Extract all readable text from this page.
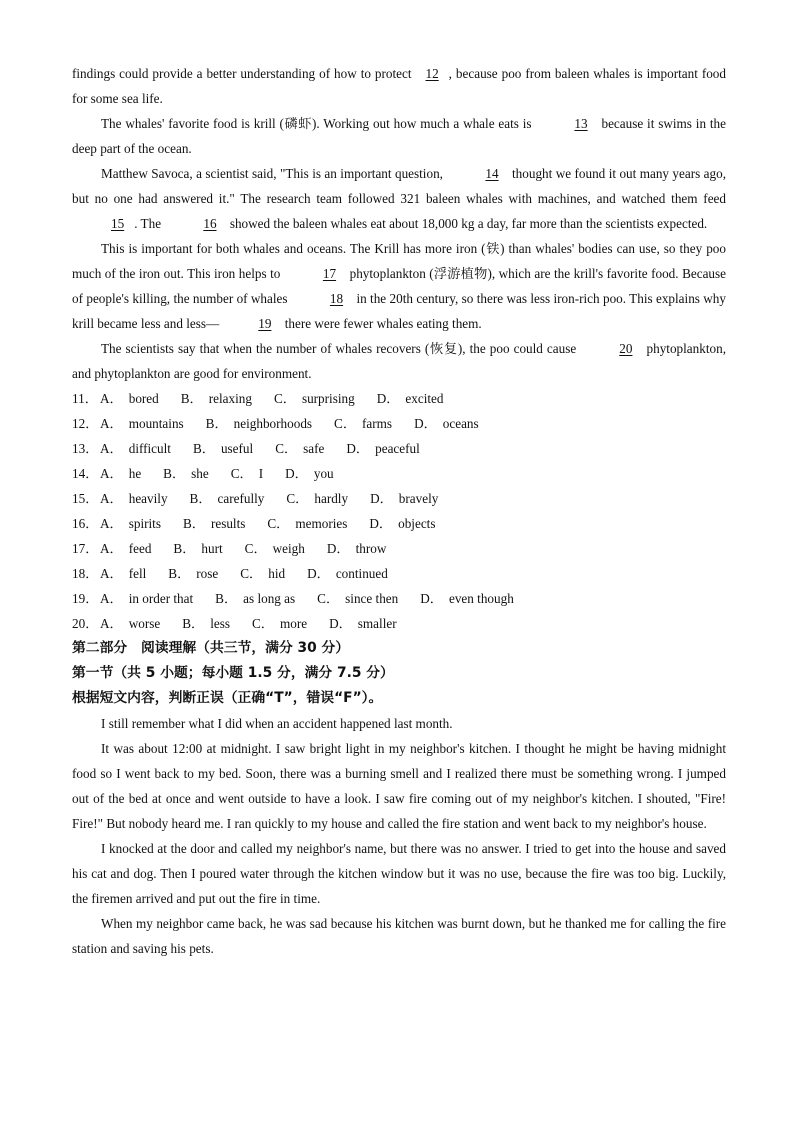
findings could provide a better understanding of how to protect 12 , because poo from baleen whales is important food for some sea life.

The whales' favorite food is krill (磷虾). Working out how much a whale eats is	13 because it swims in the deep part of the ocean.

Matthew Savoca, a scientist said, "This is an important question,	14 thought we found it out many years ago, but no one had answered it." The research team followed 321 baleen whales with machines, and watched them feed 15 . The	16 showed the baleen whales eat about 18,000 kg a day, far more than the scientists expected.

This is important for both whales and oceans. The Krill has more iron (铁) than whales' bodies can use, so they poo much of the iron out. This iron helps to	17 phytoplankton (浮游植物), which are the krill's favorite food. Because of people's killing, the number of whales	18 in the 20th century, so there was less iron-rich poo. This explains why krill became less and less—	19 there were fewer whales eating them.

The scientists say that when the number of whales recovers (恢复), the poo could cause	20 phytoplankton, and phytoplankton are good for environment.

11． A． bored B． relaxing C． surprising D． excited
12． A． mountains B． neighborhoods C． farms D． oceans
13． A． difficult B． useful C． safe D． peaceful
14． A． he B． she C． I D． you
15． A． heavily B． carefully C． hardly D． bravely
16． A． spirits B． results C． memories D． objects
17． A． feed B． hurt C． weigh D． throw
18． A． fell B． rose C． hid D． continued
19． A． in order that B． as long as C． since then D． even though
20． A． worse B． less C． more D． smaller
第二部分　阅读理解（共三节，满分 30 分）
第一节（共 5 小题；每小题 1.5 分，满分 7.5 分）
根据短文内容，判断正误（正确“T”，错误“F”）。

I still remember what I did when an accident happened last month.

It was about 12:00 at midnight. I saw bright light in my neighbor's kitchen. I thought he might be having midnight food so I went back to my bed. Soon, there was a burning smell and I realized there must be something wrong. I jumped out of the bed at once and went outside to have a look. I saw fire coming out of my neighbor's kitchen. I shouted, "Fire! Fire!" But nobody heard me. I ran quickly to my house and called the fire station and went back to my neighbor's house.

I knocked at the door and called my neighbor's name, but there was no answer. I tried to get into the house and saved his cat and dog. Then I poured water through the kitchen window but it was no use, because the fire was too big. Luckily, the firemen arrived and put out the fire in time.

When my neighbor came back, he was sad because his kitchen was burnt down, but he thanked me for calling the fire station and saving his pets.
